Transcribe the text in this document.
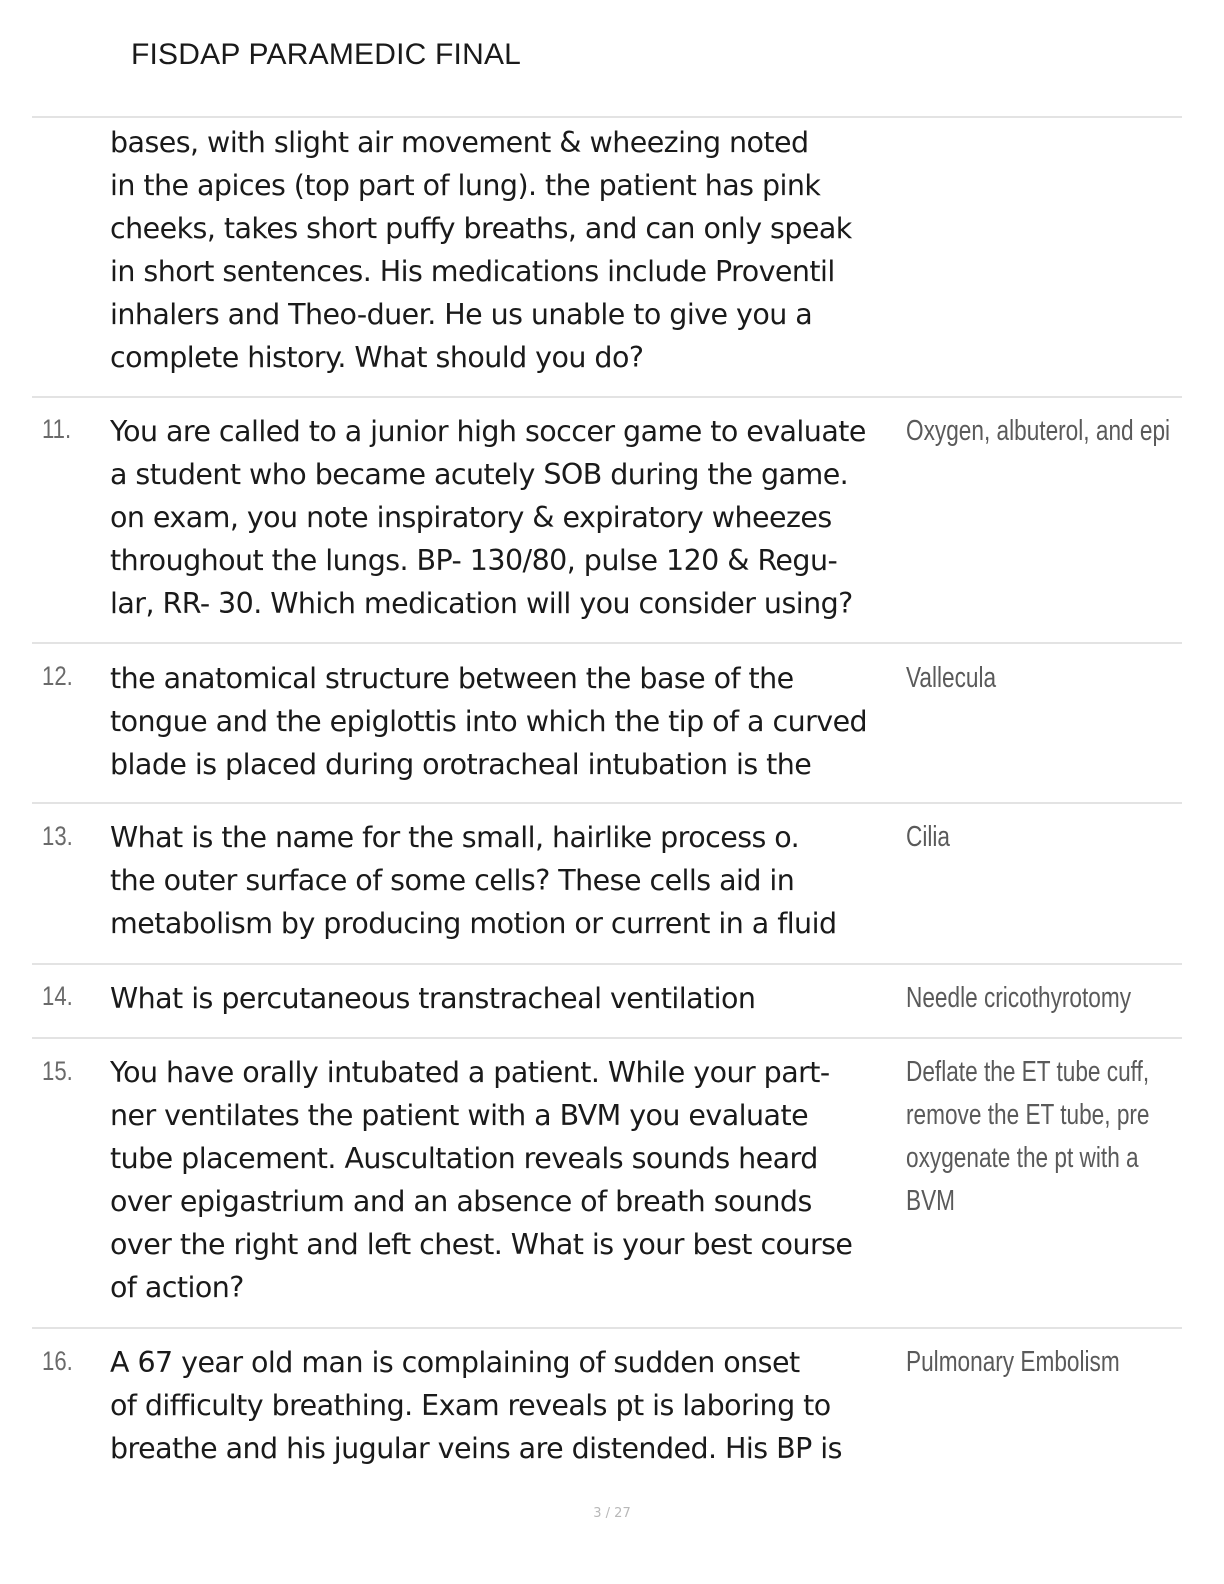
FISDAP PARAMEDIC FINAL
bases, with slight air movement & wheezing noted
in the apices (top part of lung). the patient has pink
cheeks, takes short puffy breaths, and can only speak
in short sentences. His medications include Proventil
inhalers and Theo-duer. He us unable to give you a
complete history. What should you do?
11. You are called to a junior high soccer game to evaluate
a student who became acutely SOB during the game.
on exam, you note inspiratory & expiratory wheezes
throughout the lungs. BP- 130/80, pulse 120 & Regu-
lar, RR- 30. Which medication will you consider using?
Oxygen, albuterol, and epi
12. the anatomical structure between the base of the
tongue and the epiglottis into which the tip of a curved
blade is placed during orotracheal intubation is the
Vallecula
13. What is the name for the small, hairlike process o.
the outer surface of some cells? These cells aid in
metabolism by producing motion or current in a fluid
Cilia
14. What is percutaneous transtracheal ventilation	Needle cricothyrotomy
15. You have orally intubated a patient. While your part-
ner ventilates the patient with a BVM you evaluate
tube placement. Auscultation reveals sounds heard
over epigastrium and an absence of breath sounds
over the right and left chest. What is your best course
of action?
Deflate the ET tube cuff,
remove the ET tube, pre
oxygenate the pt with a
BVM
16. A 67 year old man is complaining of sudden onset
of difficulty breathing. Exam reveals pt is laboring to
breathe and his jugular veins are distended. His BP is
Pulmonary Embolism
3 / 27
